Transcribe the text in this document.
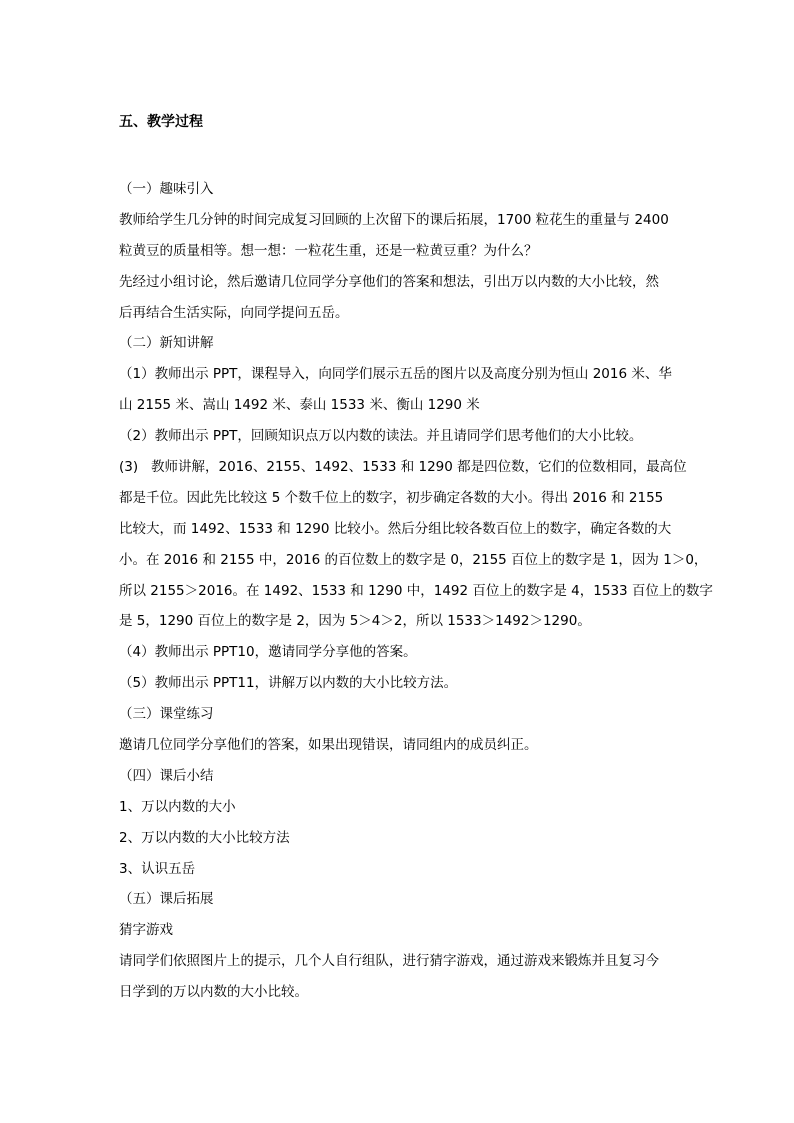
五、教学过程
（一）趣味引入
教师给学生几分钟的时间完成复习回顾的上次留下的课后拓展，1700 粒花生的重量与 2400
粒黄豆的质量相等。想一想：一粒花生重，还是一粒黄豆重？为什么？
先经过小组讨论，然后邀请几位同学分享他们的答案和想法，引出万以内数的大小比较，然
后再结合生活实际，向同学提问五岳。
（二）新知讲解
（1）教师出示 PPT，课程导入，向同学们展示五岳的图片以及高度分别为恒山 2016 米、华
山 2155 米、嵩山 1492 米、泰山 1533 米、衡山 1290 米
（2）教师出示 PPT，回顾知识点万以内数的读法。并且请同学们思考他们的大小比较。
(3) 教师讲解，2016、2155、1492、1533 和 1290 都是四位数，它们的位数相同，最高位
都是千位。因此先比较这 5 个数千位上的数字，初步确定各数的大小。得出 2016 和 2155
比较大，而 1492、1533 和 1290 比较小。然后分组比较各数百位上的数字，确定各数的大
小。在 2016 和 2155 中，2016 的百位数上的数字是 0，2155 百位上的数字是 1，因为 1＞0，
所以 2155＞2016。在 1492、1533 和 1290 中，1492 百位上的数字是 4，1533 百位上的数字
是 5，1290 百位上的数字是 2，因为 5＞4＞2，所以 1533＞1492＞1290。
（4）教师出示 PPT10，邀请同学分享他的答案。
（5）教师出示 PPT11，讲解万以内数的大小比较方法。
（三）课堂练习
邀请几位同学分享他们的答案，如果出现错误，请同组内的成员纠正。
（四）课后小结
1、万以内数的大小
2、万以内数的大小比较方法
3、认识五岳
（五）课后拓展
猜字游戏
请同学们依照图片上的提示，几个人自行组队，进行猜字游戏，通过游戏来锻炼并且复习今
日学到的万以内数的大小比较。
